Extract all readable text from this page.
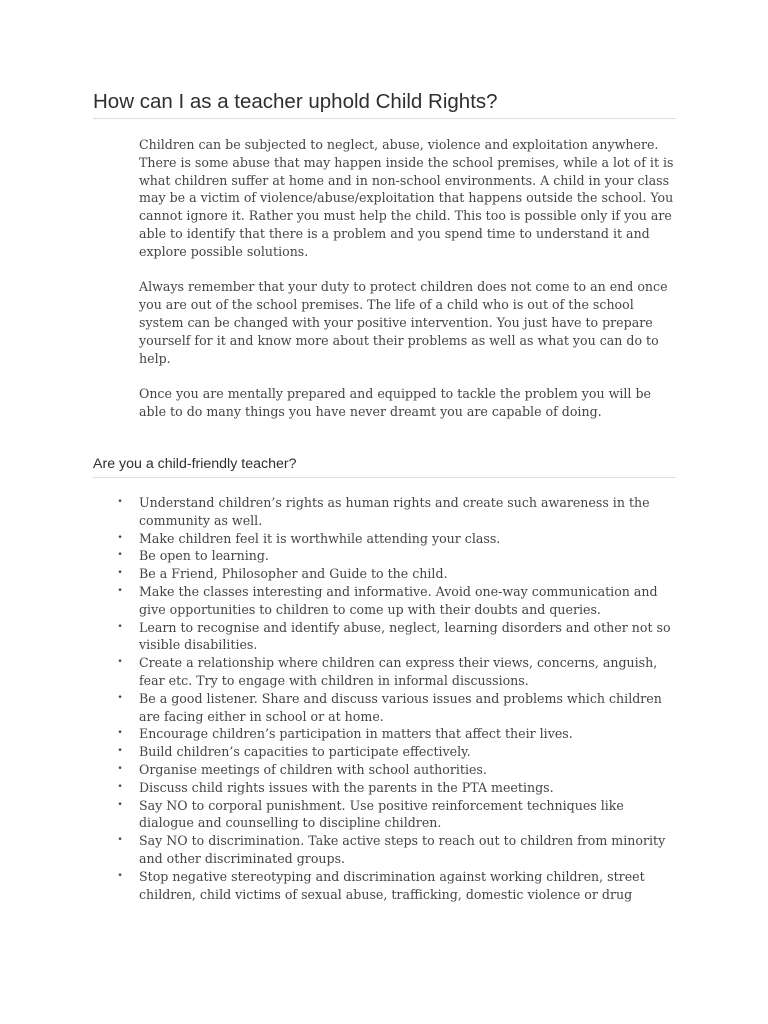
How can I as a teacher uphold Child Rights?

Children can be subjected to neglect, abuse, violence and exploitation anywhere. There is some abuse that may happen inside the school premises, while a lot of it is what children suffer at home and in non-school environments. A child in your class may be a victim of violence/abuse/exploitation that happens outside the school. You cannot ignore it. Rather you must help the child. This too is possible only if you are able to identify that there is a problem and you spend time to understand it and explore possible solutions.

Always remember that your duty to protect children does not come to an end once you are out of the school premises. The life of a child who is out of the school system can be changed with your positive intervention. You just have to prepare yourself for it and know more about their problems as well as what you can do to help.

Once you are mentally prepared and equipped to tackle the problem you will be able to do many things you have never dreamt you are capable of doing.

Are you a child-friendly teacher?
• Understand children’s rights as human rights and create such awareness in the community as well.
• Make children feel it is worthwhile attending your class.
• Be open to learning.
• Be a Friend, Philosopher and Guide to the child.
• Make the classes interesting and informative. Avoid one-way communication and give opportunities to children to come up with their doubts and queries.
• Learn to recognise and identify abuse, neglect, learning disorders and other not so visible disabilities.
• Create a relationship where children can express their views, concerns, anguish, fear etc. Try to engage with children in informal discussions.
• Be a good listener. Share and discuss various issues and problems which children are facing either in school or at home.
• Encourage children’s participation in matters that affect their lives.
• Build children’s capacities to participate effectively.
• Organise meetings of children with school authorities.
• Discuss child rights issues with the parents in the PTA meetings.
• Say NO to corporal punishment. Use positive reinforcement techniques like dialogue and counselling to discipline children.
• Say NO to discrimination. Take active steps to reach out to children from minority and other discriminated groups.
• Stop negative stereotyping and discrimination against working children, street children, child victims of sexual abuse, trafficking, domestic violence or drug
